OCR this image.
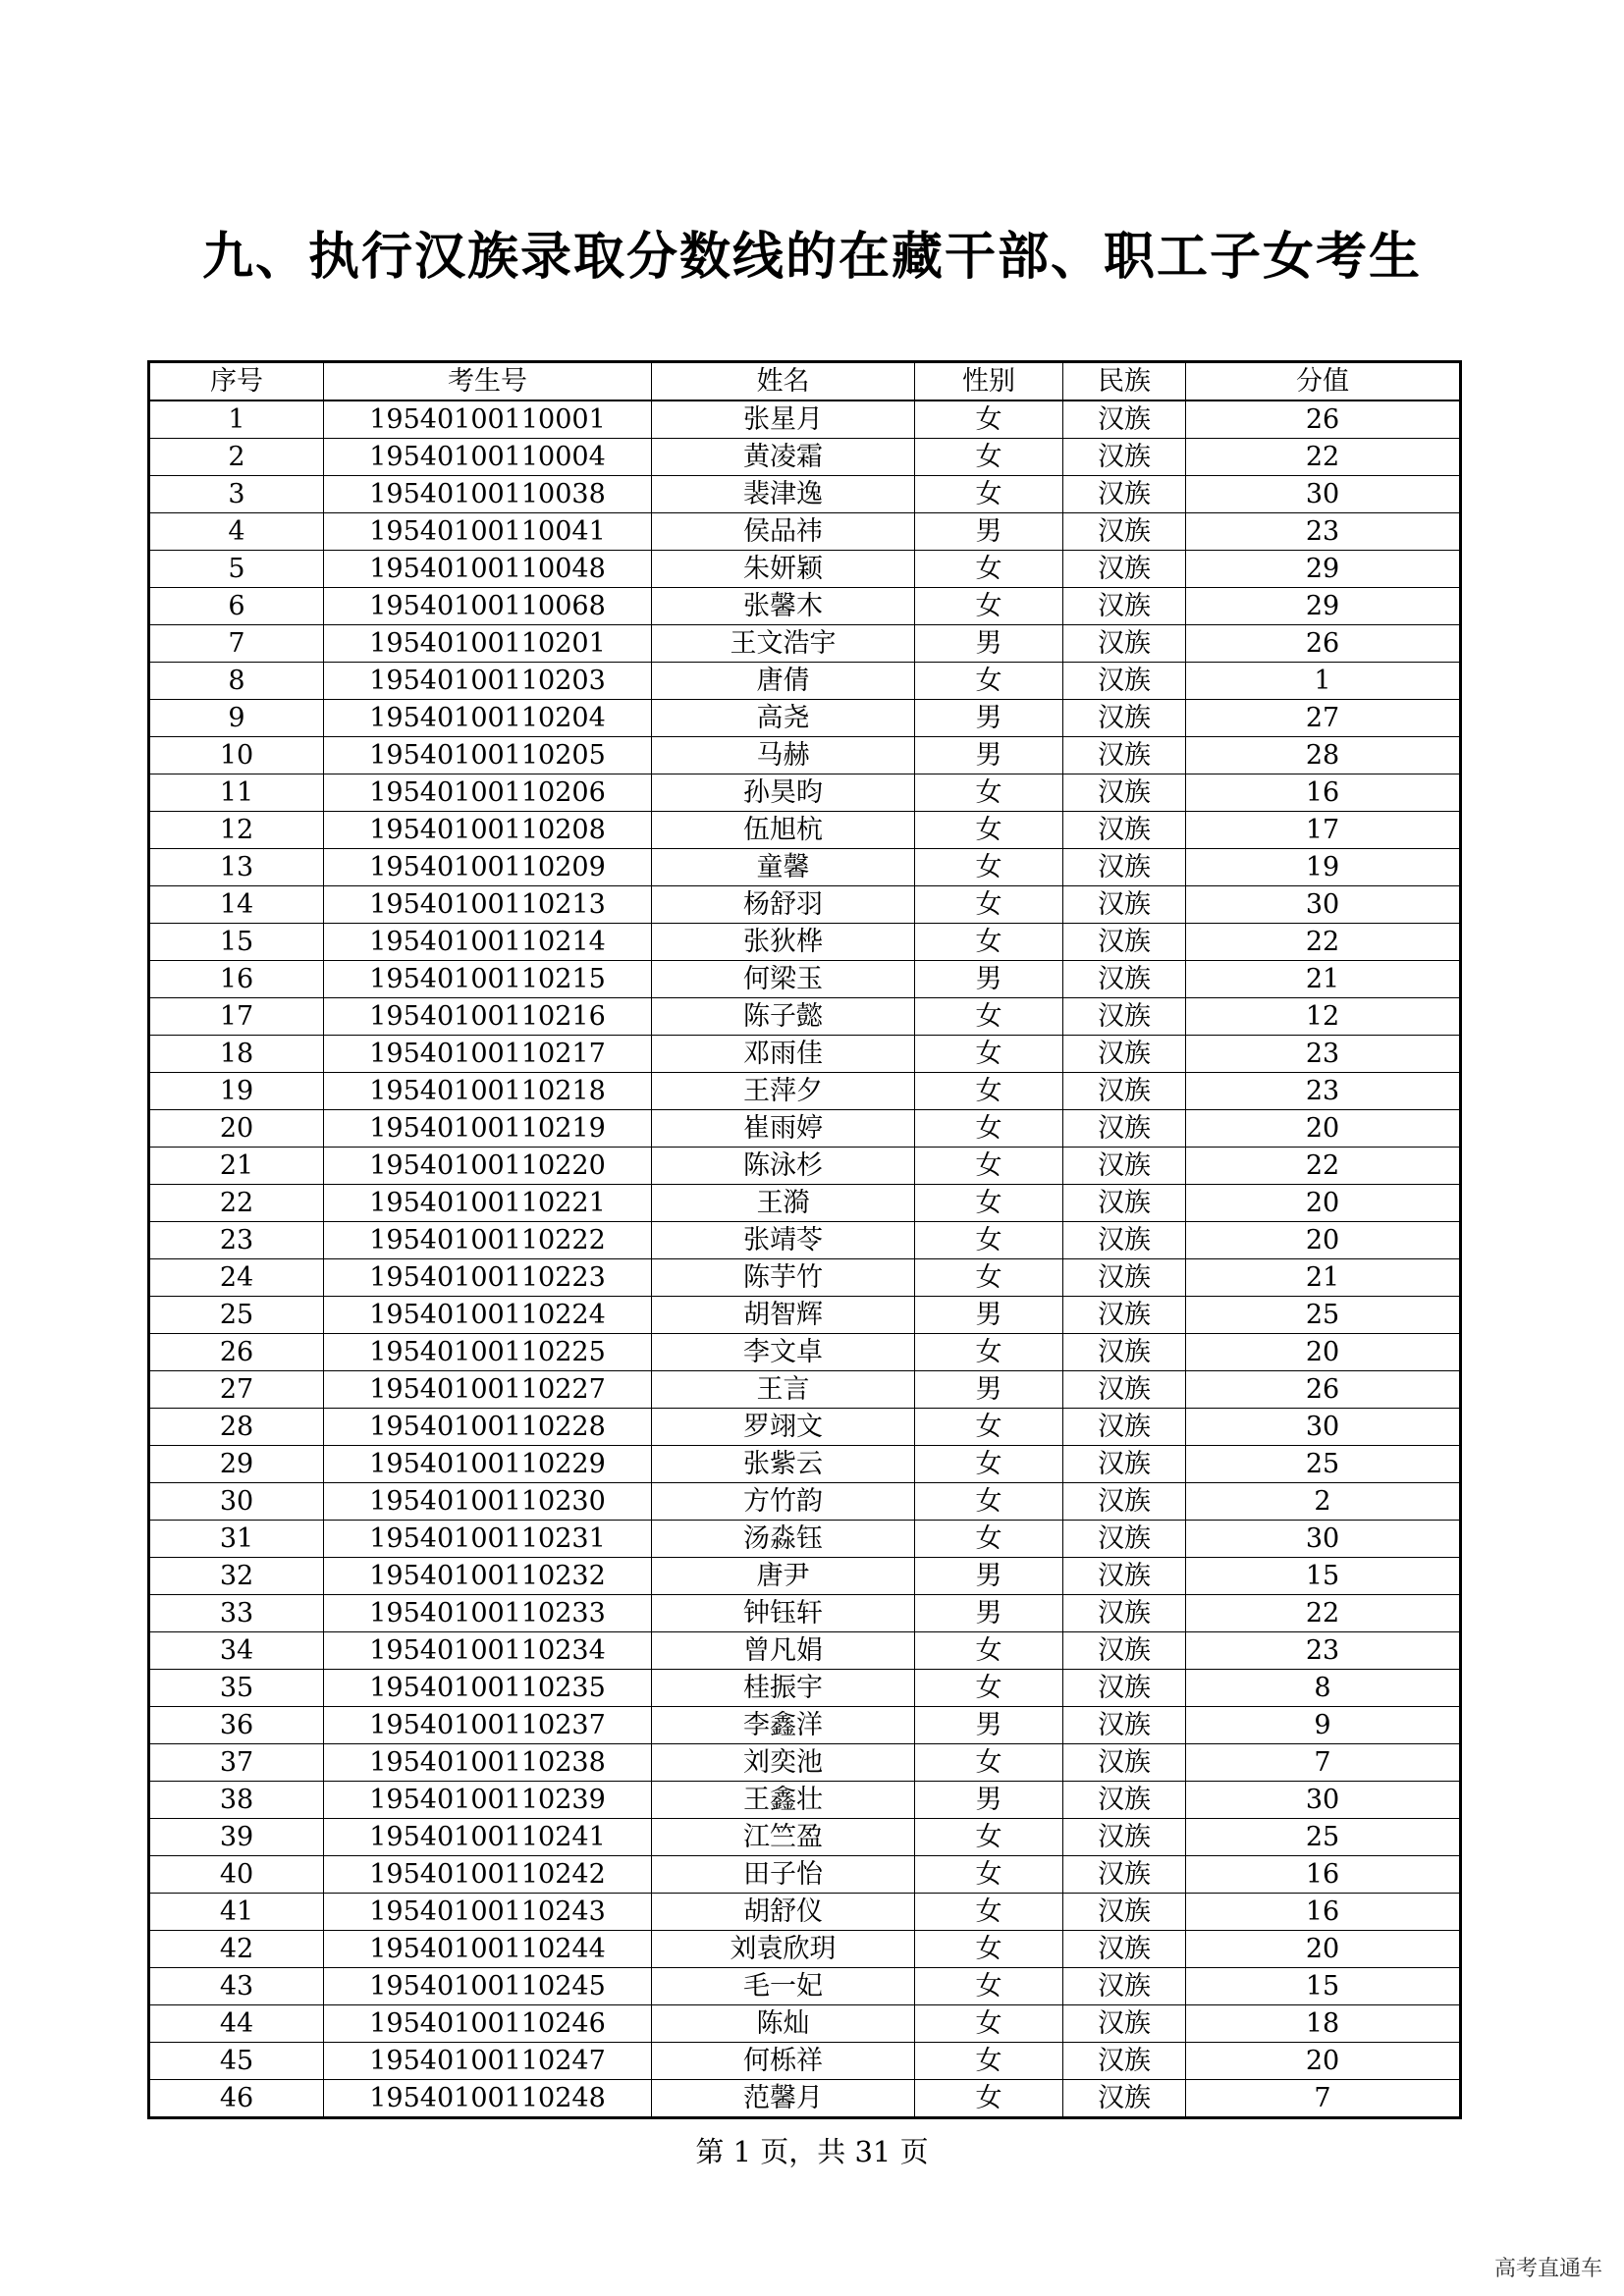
九、执行汉族录取分数线的在藏干部、职工子女考生
序号	考生号	姓名	性别	民族	分值
1	19540100110001	张星月	女	汉族	26
2	19540100110004	黄凌霜	女	汉族	22
3	19540100110038	裴津逸	女	汉族	30
4	19540100110041	侯品祎	男	汉族	23
5	19540100110048	朱妍颖	女	汉族	29
6	19540100110068	张馨木	女	汉族	29
7	19540100110201	王文浩宇	男	汉族	26
8	19540100110203	唐倩	女	汉族	1
9	19540100110204	高尧	男	汉族	27
10	19540100110205	马赫	男	汉族	28
11	19540100110206	孙昊昀	女	汉族	16
12	19540100110208	伍旭杭	女	汉族	17
13	19540100110209	童馨	女	汉族	19
14	19540100110213	杨舒羽	女	汉族	30
15	19540100110214	张狄桦	女	汉族	22
16	19540100110215	何梁玉	男	汉族	21
17	19540100110216	陈子懿	女	汉族	12
18	19540100110217	邓雨佳	女	汉族	23
19	19540100110218	王萍夕	女	汉族	23
20	19540100110219	崔雨婷	女	汉族	20
21	19540100110220	陈泳杉	女	汉族	22
22	19540100110221	王漪	女	汉族	20
23	19540100110222	张靖苓	女	汉族	20
24	19540100110223	陈芋竹	女	汉族	21
25	19540100110224	胡智辉	男	汉族	25
26	19540100110225	李文卓	女	汉族	20
27	19540100110227	王言	男	汉族	26
28	19540100110228	罗翊文	女	汉族	30
29	19540100110229	张紫云	女	汉族	25
30	19540100110230	方竹韵	女	汉族	2
31	19540100110231	汤淼钰	女	汉族	30
32	19540100110232	唐尹	男	汉族	15
33	19540100110233	钟钰轩	男	汉族	22
34	19540100110234	曾凡娟	女	汉族	23
35	19540100110235	桂振宇	女	汉族	8
36	19540100110237	李鑫洋	男	汉族	9
37	19540100110238	刘奕池	女	汉族	7
38	19540100110239	王鑫壮	男	汉族	30
39	19540100110241	江竺盈	女	汉族	25
40	19540100110242	田子怡	女	汉族	16
41	19540100110243	胡舒仪	女	汉族	16
42	19540100110244	刘袁欣玥	女	汉族	20
43	19540100110245	毛一妃	女	汉族	15
44	19540100110246	陈灿	女	汉族	18
45	19540100110247	何栎祥	女	汉族	20
46	19540100110248	范馨月	女	汉族	7
第 1 页，共 31 页
高考直通车
